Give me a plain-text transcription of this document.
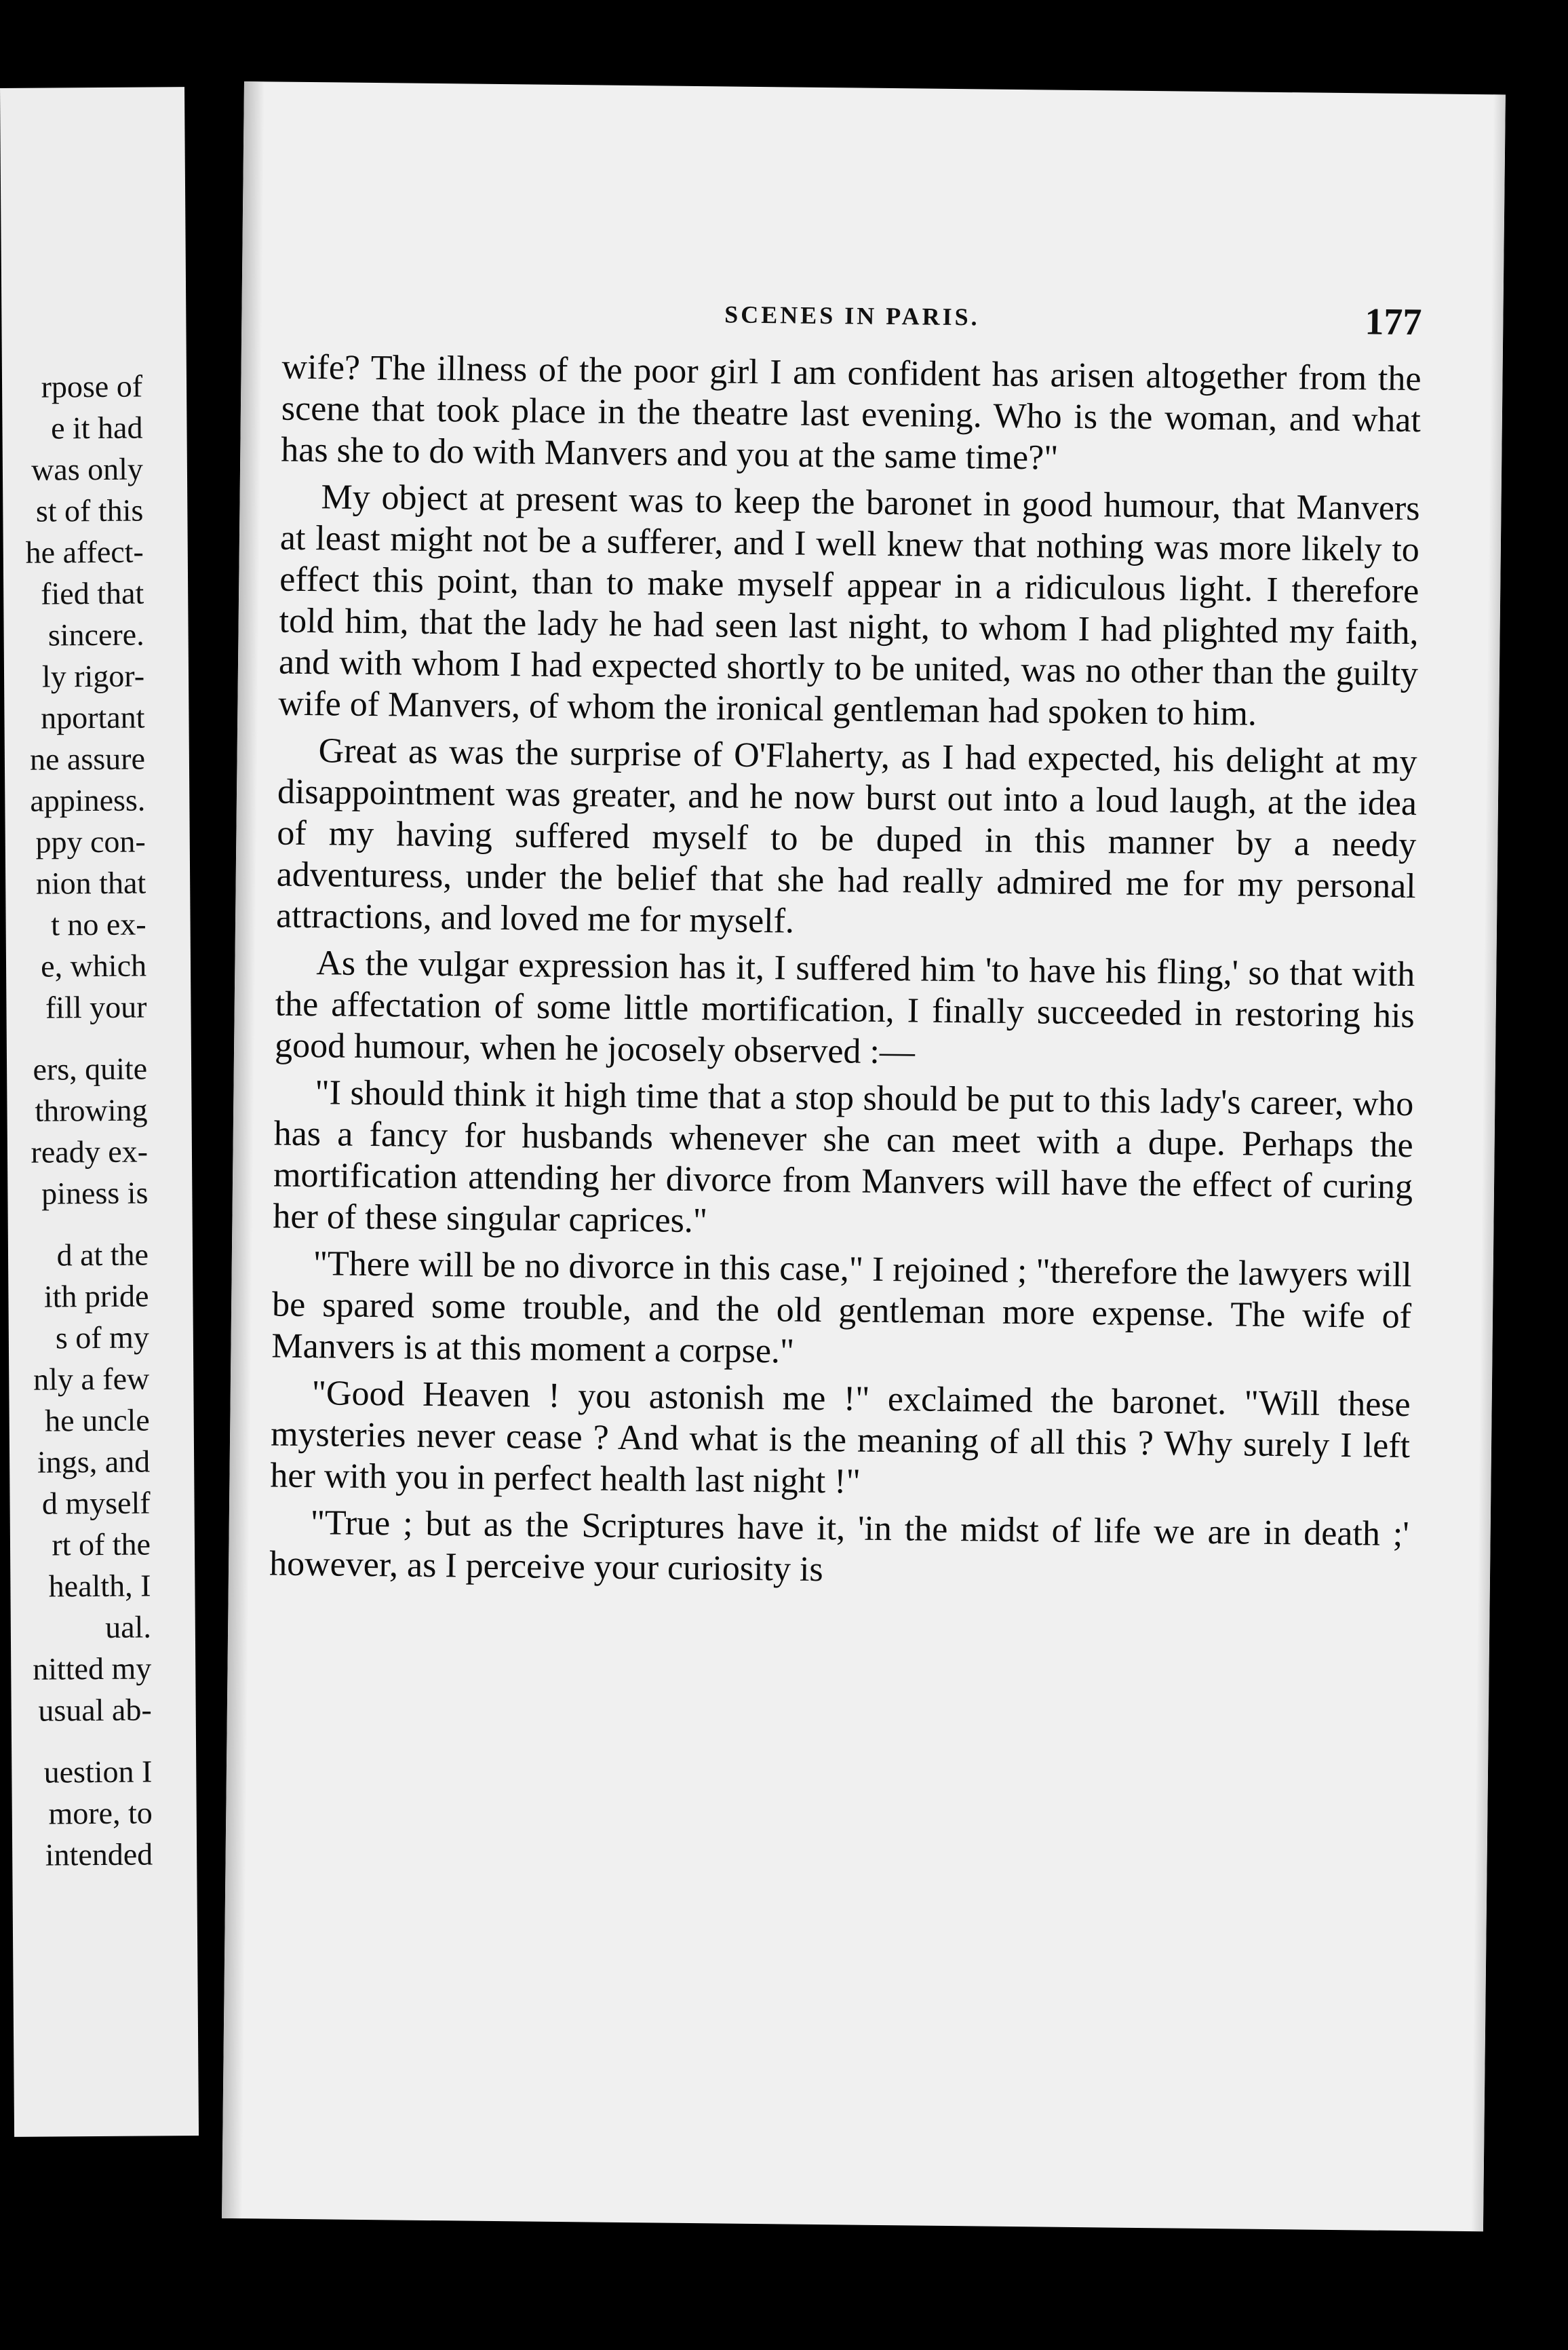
rpose of
e it had
was only
st of this
he affect-
fied that
sincere.
ly rigor-
nportant
ne assure
appiness.
ppy con-
nion that
t no ex-
e, which
fill your
ers, quite
throwing
ready ex-
piness is
d at the
ith pride
s of my
nly a few
he uncle
ings, and
d myself
rt of the
health, I
ual.
nitted my
usual ab-
uestion I
more, to
intended
SCENES IN PARIS.	177

wife? The illness of the poor girl I am confident has arisen altogether from the scene that took place in the theatre last evening. Who is the woman, and what has she to do with Manvers and you at the same time?"

My object at present was to keep the baronet in good humour, that Manvers at least might not be a sufferer, and I well knew that nothing was more likely to effect this point, than to make myself appear in a ridiculous light. I therefore told him, that the lady he had seen last night, to whom I had plighted my faith, and with whom I had expected shortly to be united, was no other than the guilty wife of Manvers, of whom the ironical gentleman had spoken to him.

Great as was the surprise of O'Flaherty, as I had expected, his delight at my disappointment was greater, and he now burst out into a loud laugh, at the idea of my having suffered myself to be duped in this manner by a needy adventuress, under the belief that she had really admired me for my personal attractions, and loved me for myself.

As the vulgar expression has it, I suffered him 'to have his fling,' so that with the affectation of some little mortification, I finally succeeded in restoring his good humour, when he jocosely observed :—

"I should think it high time that a stop should be put to this lady's career, who has a fancy for husbands whenever she can meet with a dupe. Perhaps the mortification attending her divorce from Manvers will have the effect of curing her of these singular caprices."

"There will be no divorce in this case," I rejoined ; "therefore the lawyers will be spared some trouble, and the old gentleman more expense. The wife of Manvers is at this moment a corpse."

"Good Heaven ! you astonish me !" exclaimed the baronet. "Will these mysteries never cease ? And what is the meaning of all this ? Why surely I left her with you in perfect health last night !"

"True ; but as the Scriptures have it, 'in the midst of life we are in death ;' however, as I perceive your curiosity is
